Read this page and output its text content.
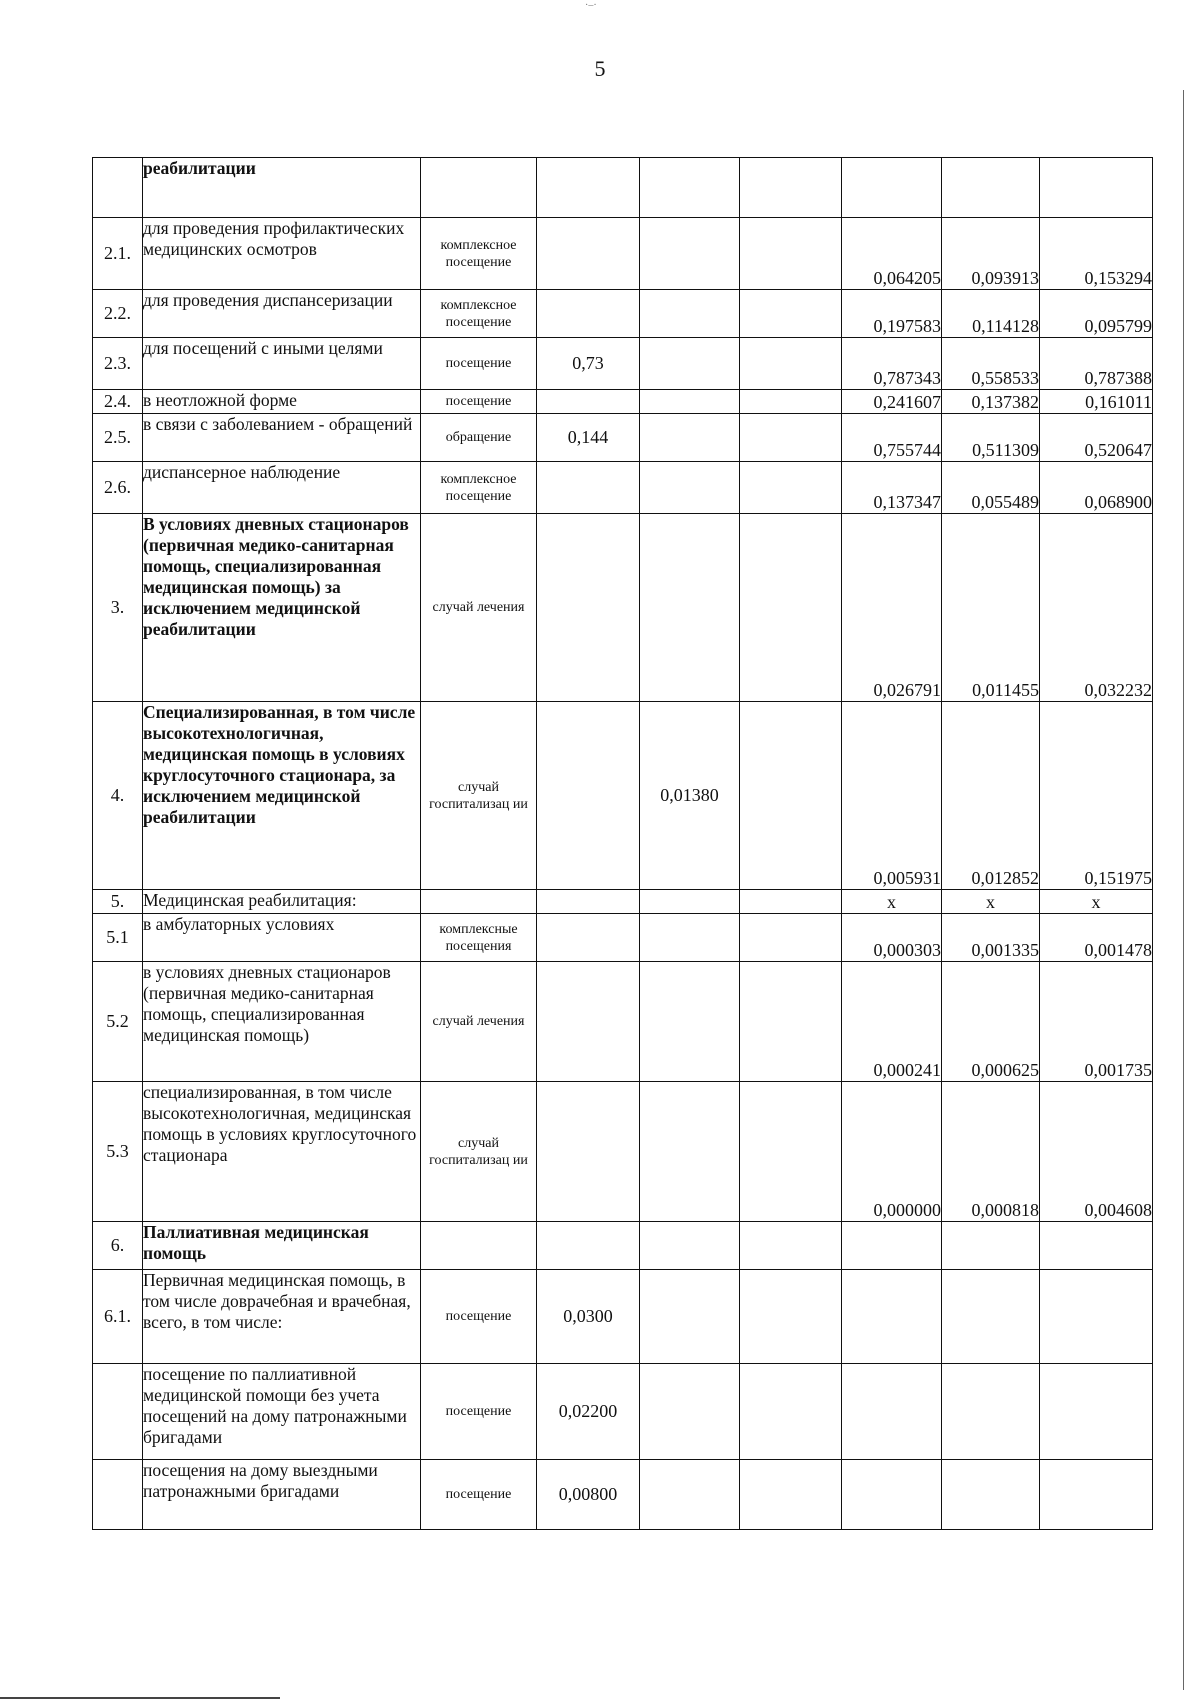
·–·
5
	реабилитации							
2.1.	для проведения профилактических медицинских осмотров	комплексное посещение				0,064205	0,093913	0,153294
2.2.	для проведения диспансеризации	комплексное посещение				0,197583	0,114128	0,095799
2.3.	для посещений с иными целями	посещение	0,73			0,787343	0,558533	0,787388
2.4.	в неотложной форме	посещение				0,241607	0,137382	0,161011
2.5.	в связи с заболеванием - обращений	обращение	0,144			0,755744	0,511309	0,520647
2.6.	диспансерное наблюдение	комплексное посещение				0,137347	0,055489	0,068900
3.	В условиях дневных стационаров (первичная медико-санитарная помощь, специализированная медицинская помощь) за исключением медицинской реабилитации	случай лечения				0,026791	0,011455	0,032232
4.	Специализированная, в том числе высокотехнологичная, медицинская помощь в условиях круглосуточного стационара, за исключением медицинской реабилитации	случай госпитализац ии		0,01380		0,005931	0,012852	0,151975
5.	Медицинская реабилитация:					x	x	x
5.1	в амбулаторных условиях	комплексные посещения				0,000303	0,001335	0,001478
5.2	в условиях дневных стационаров (первичная медико-санитарная помощь, специализированная медицинская помощь)	случай лечения				0,000241	0,000625	0,001735
5.3	специализированная, в том числе высокотехнологичная, медицинская помощь в условиях круглосуточного стационара	случай госпитализац ии				0,000000	0,000818	0,004608
6.	Паллиативная медицинская помощь							
6.1.	Первичная медицинская помощь, в том числе доврачебная и врачебная, всего, в том числе:	посещение	0,0300					
	посещение по паллиативной медицинской помощи без учета посещений на дому патронажными бригадами	посещение	0,02200					
	посещения на дому выездными патронажными бригадами	посещение	0,00800					
